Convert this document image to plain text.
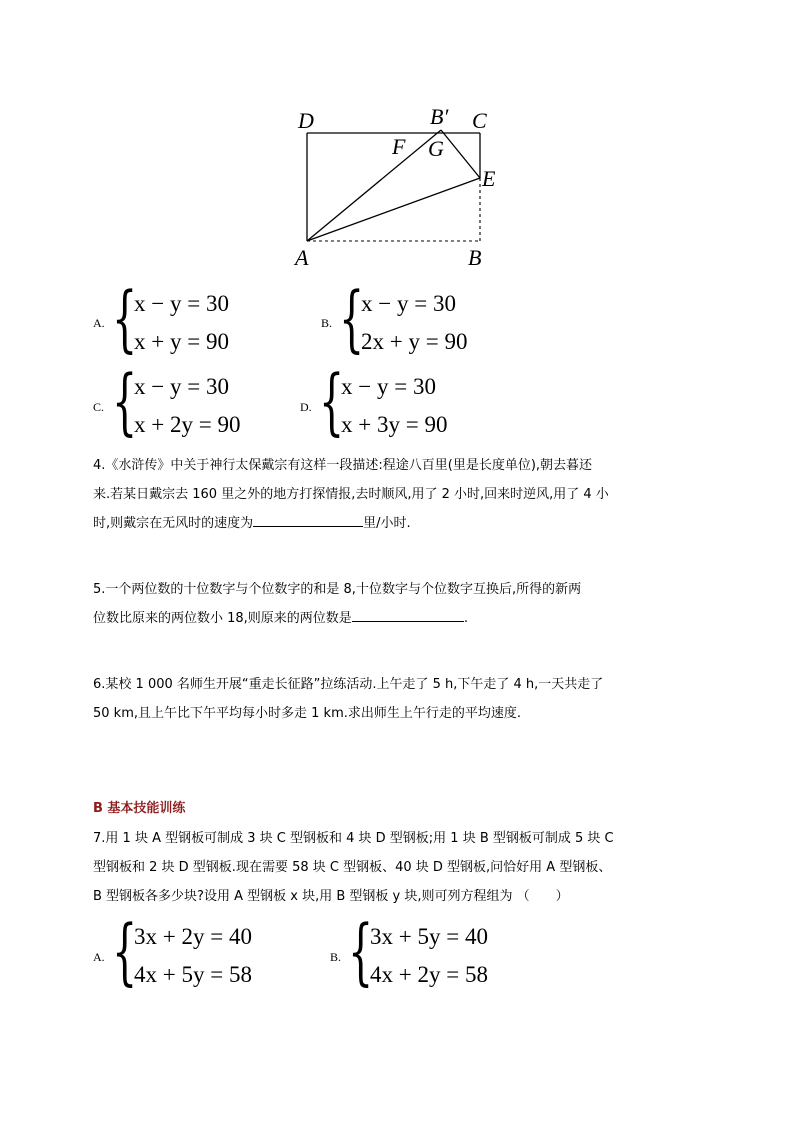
D	B′ C
F G
E
A	B
A. {
x − y = 30
x + y = 90
B. {
x − y = 30
2x + y = 90
C. {
x − y = 30
x + 2y = 90
D. {
x − y = 30
x + 3y = 90
4.《水浒传》中关于神行太保戴宗有这样一段描述:程途八百里(里是长度单位),朝去暮还
来.若某日戴宗去 160 里之外的地方打探情报,去时顺风,用了 2 小时,回来时逆风,用了 4 小
时,则戴宗在无风时的速度为	里/小时.
5.一个两位数的十位数字与个位数字的和是 8,十位数字与个位数字互换后,所得的新两
位数比原来的两位数小 18,则原来的两位数是	.
6.某校 1 000 名师生开展“重走长征路”拉练活动.上午走了 5 h,下午走了 4 h,一天共走了
50 km,且上午比下午平均每小时多走 1 km.求出师生上午行走的平均速度.
B 基本技能训练
7.用 1 块 A 型钢板可制成 3 块 C 型钢板和 4 块 D 型钢板;用 1 块 B 型钢板可制成 5 块 C
型钢板和 2 块 D 型钢板.现在需要 58 块 C 型钢板、40 块 D 型钢板,问恰好用 A 型钢板、
B 型钢板各多少块?设用 A 型钢板 x 块,用 B 型钢板 y 块,则可列方程组为 （　　）
A. {
3x + 2y = 40
4x + 5y = 58
B. {
3x + 5y = 40
4x + 2y = 58
